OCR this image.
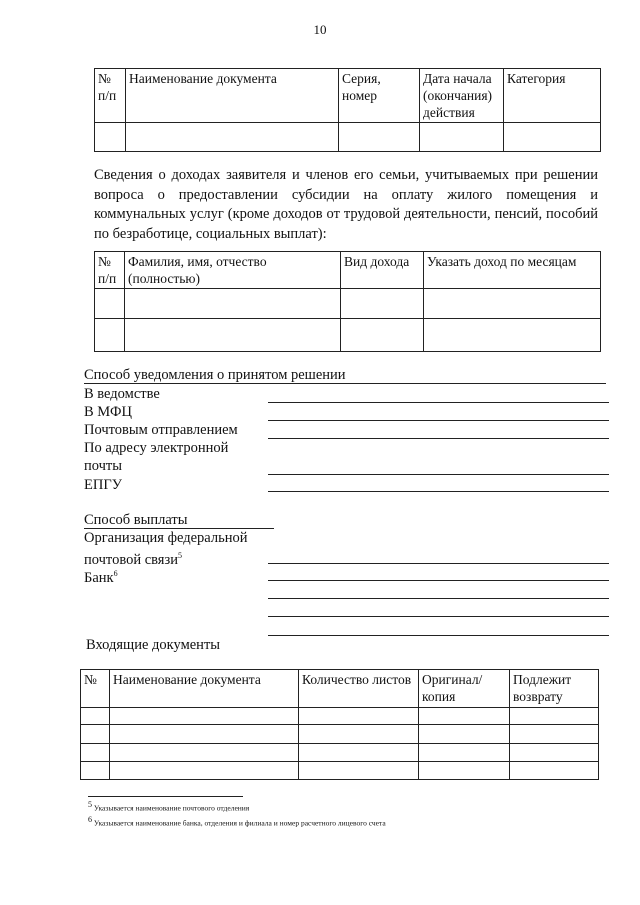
10
№ п/п	Наименование документа	Серия, номер	Дата начала (окончания) действия	Категория

Сведения о доходах заявителя и членов его семьи, учитываемых при решении вопроса о предоставлении субсидии на оплату жилого помещения и коммунальных услуг (кроме доходов от трудовой деятельности, пенсий, пособий по безработице, социальных выплат):
№ п/п	Фамилия, имя, отчество (полностью)	Вид дохода	Указать доход по месяцам

Способ уведомления о принятом решении
В ведомстве
В МФЦ
Почтовым отправлением
По адресу электронной почты
ЕПГУ
Способ выплаты
Организация федеральной почтовой связи$^5$
Банк$^6$
Входящие документы
№	Наименование документа	Количество листов	Оригинал/ копия	Подлежит возврату

$^5$ Указывается наименование почтового отделения
$^6$ Указывается наименование банка, отделения и филиала и номер расчетного лицевого счета
